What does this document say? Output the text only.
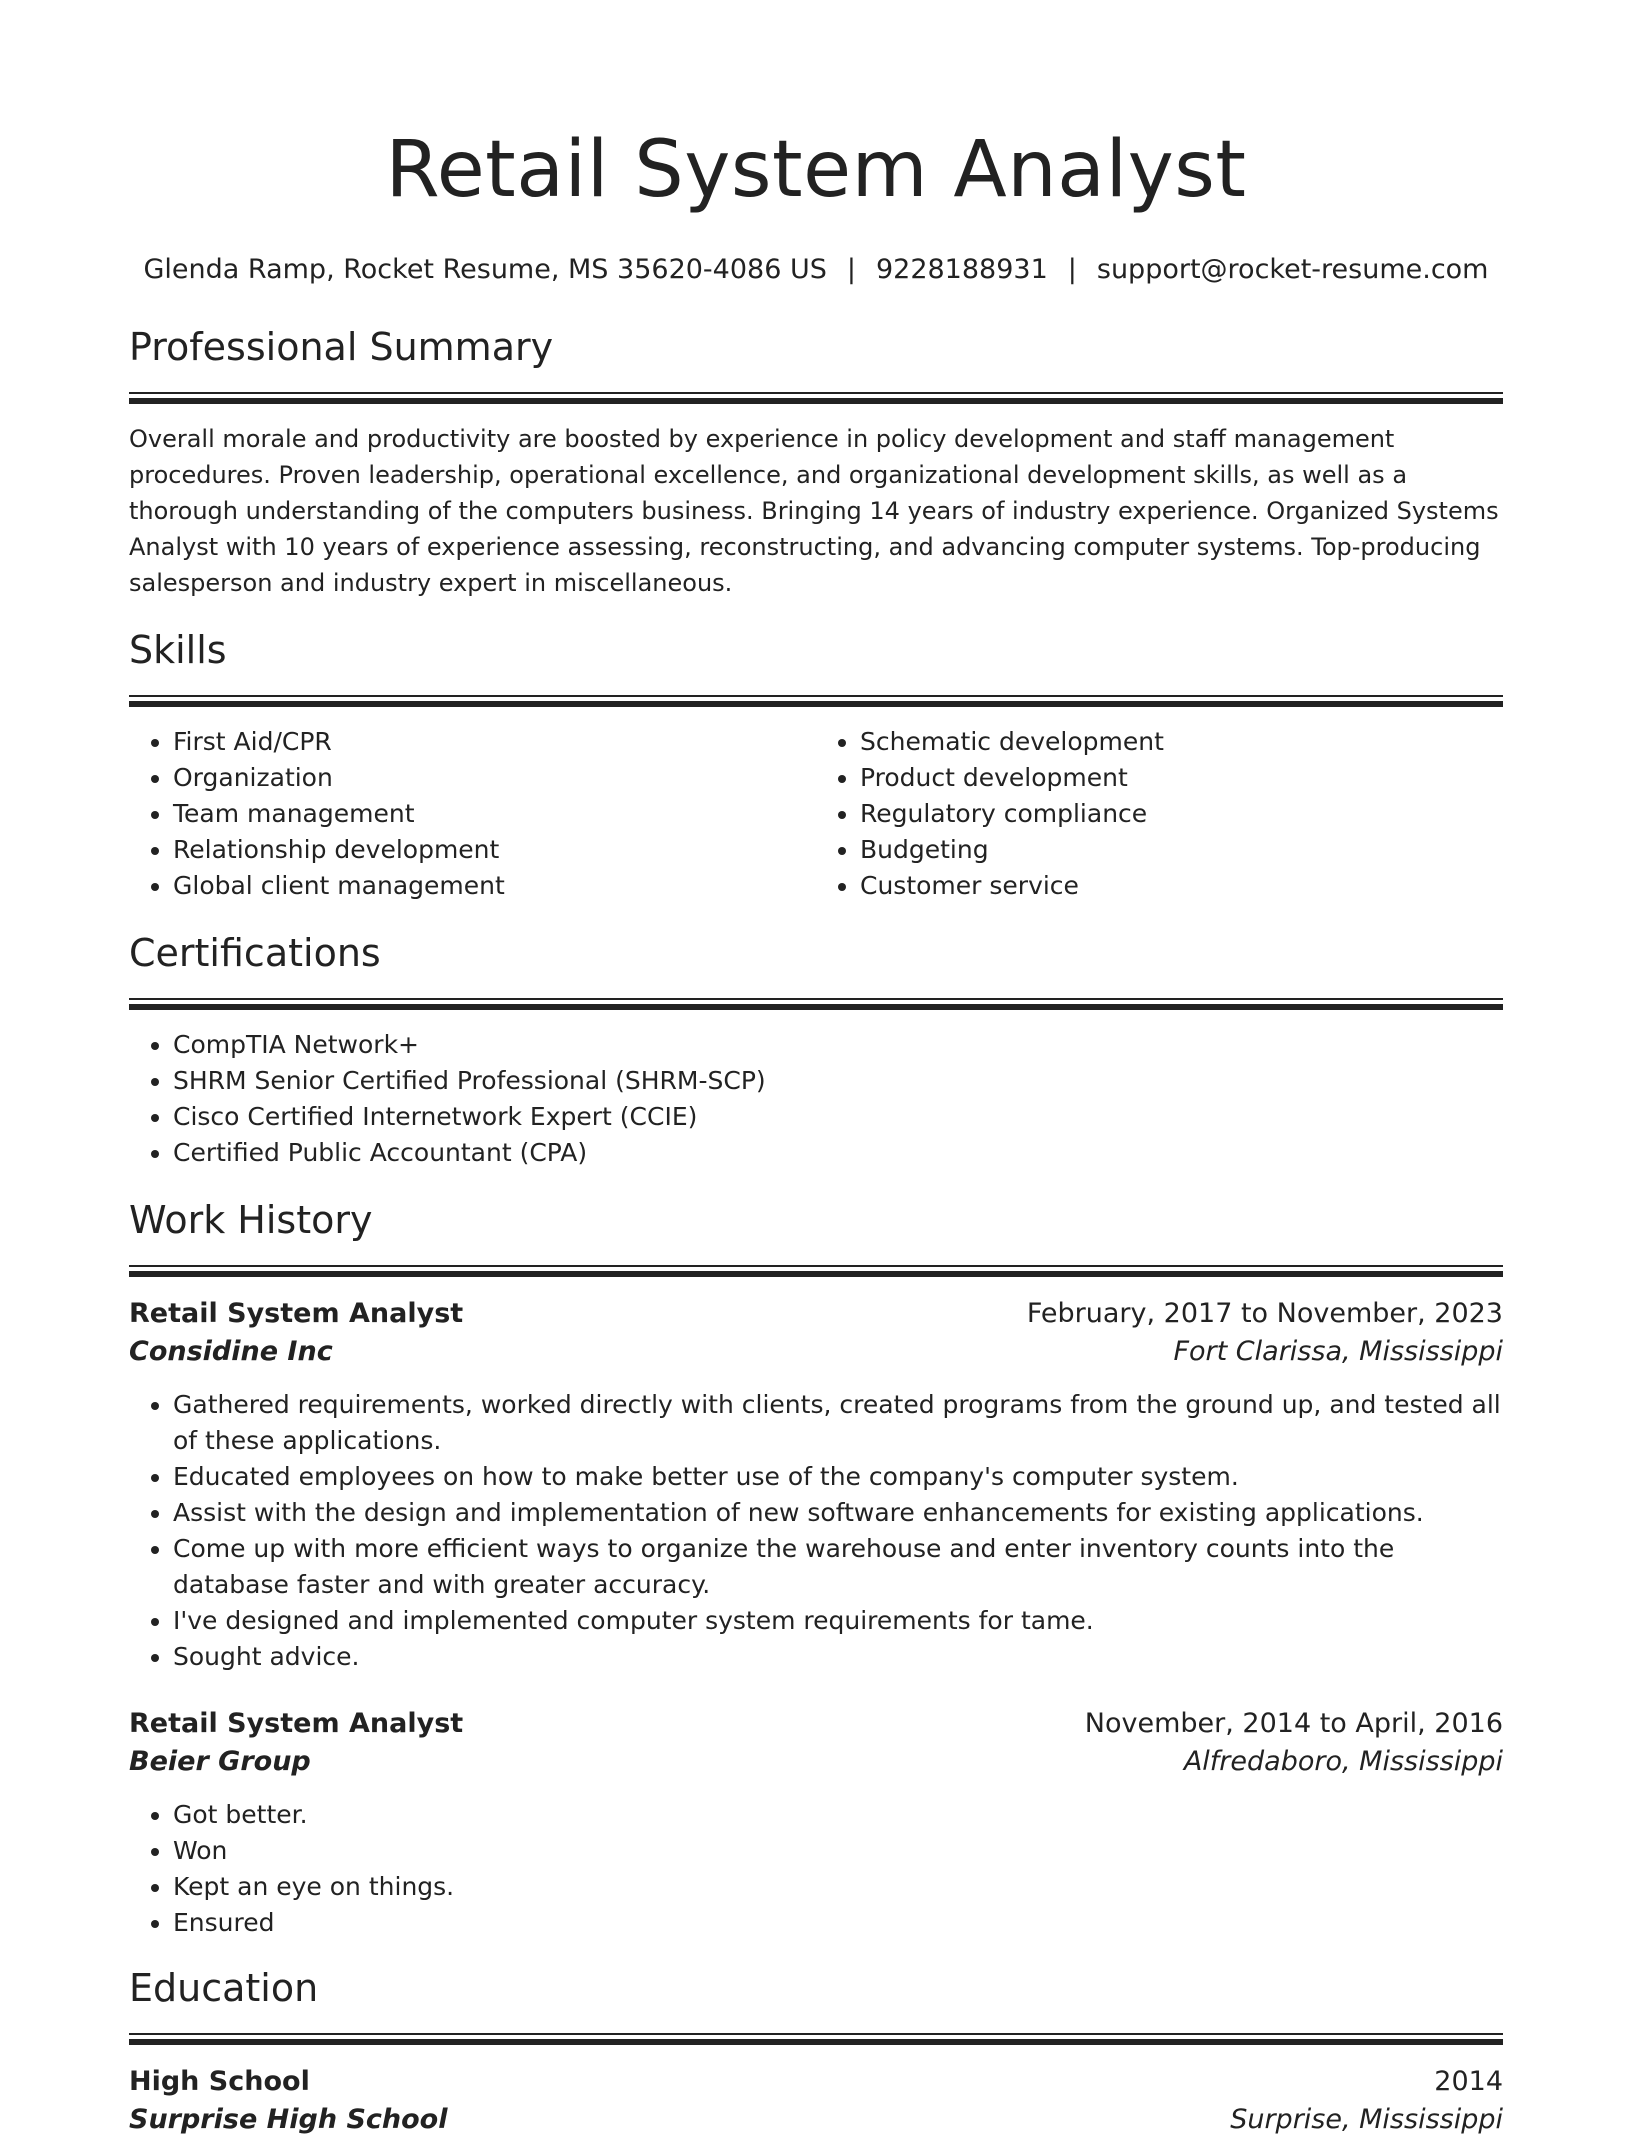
Retail System Analyst
Glenda Ramp, Rocket Resume, MS 35620-4086 US | 9228188931 | support@rocket-resume.com
Professional Summary

Overall morale and productivity are boosted by experience in policy development and staff management procedures. Proven leadership, operational excellence, and organizational development skills, as well as a thorough understanding of the computers business. Bringing 14 years of industry experience. Organized Systems Analyst with 10 years of experience assessing, reconstructing, and advancing computer systems. Top-producing salesperson and industry expert in miscellaneous.

Skills
• First Aid/CPR
• Organization
• Team management
• Relationship development
• Global client management
• Schematic development
• Product development
• Regulatory compliance
• Budgeting
• Customer service
Certifications
• CompTIA Network+
• SHRM Senior Certified Professional (SHRM-SCP)
• Cisco Certified Internetwork Expert (CCIE)
• Certified Public Accountant (CPA)
Work History
Retail System Analyst	February, 2017 to November, 2023
Considine Inc	Fort Clarissa, Mississippi
• Gathered requirements, worked directly with clients, created programs from the ground up, and tested all of these applications.
• Educated employees on how to make better use of the company's computer system.
• Assist with the design and implementation of new software enhancements for existing applications.
• Come up with more efficient ways to organize the warehouse and enter inventory counts into the database faster and with greater accuracy.
• I've designed and implemented computer system requirements for tame.
• Sought advice.
Retail System Analyst	November, 2014 to April, 2016
Beier Group	Alfredaboro, Mississippi
• Got better.
• Won
• Kept an eye on things.
• Ensured
Education
High School	2014
Surprise High School	Surprise, Mississippi
